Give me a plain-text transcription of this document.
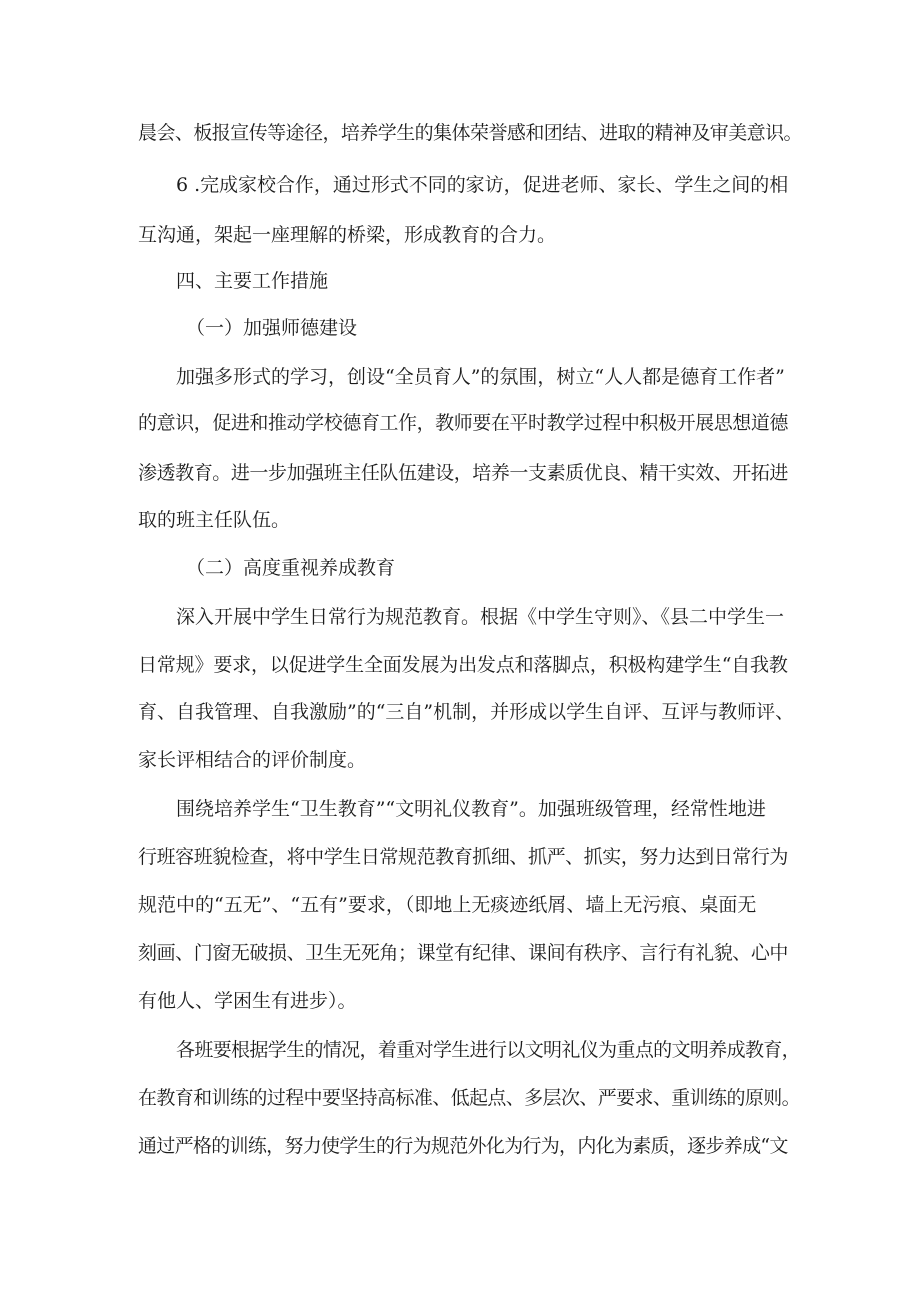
晨会、板报宣传等途径，培养学生的集体荣誉感和团结、进取的精神及审美意识。
6 .完成家校合作，通过形式不同的家访，促进老师、家长、学生之间的相
互沟通，架起一座理解的桥梁，形成教育的合力。
四、主要工作措施
（一）加强师德建设
加强多形式的学习，创设“全员育人”的氛围，树立“人人都是德育工作者”
的意识，促进和推动学校德育工作，教师要在平时教学过程中积极开展思想道德
渗透教育。进一步加强班主任队伍建设，培养一支素质优良、精干实效、开拓进
取的班主任队伍。
（二）高度重视养成教育
深入开展中学生日常行为规范教育。根据《中学生守则》、《县二中学生一
日常规》要求，以促进学生全面发展为出发点和落脚点，积极构建学生“自我教
育、自我管理、自我激励”的“三自”机制，并形成以学生自评、互评与教师评、
家长评相结合的评价制度。
围绕培养学生“卫生教育”“文明礼仪教育”。加强班级管理，经常性地进
行班容班貌检查，将中学生日常规范教育抓细、抓严、抓实，努力达到日常行为
规范中的“五无”、“五有”要求，（即地上无痰迹纸屑、墙上无污痕、桌面无
刻画、门窗无破损、卫生无死角；课堂有纪律、课间有秩序、言行有礼貌、心中
有他人、学困生有进步）。
各班要根据学生的情况，着重对学生进行以文明礼仪为重点的文明养成教育，
在教育和训练的过程中要坚持高标准、低起点、多层次、严要求、重训练的原则。
通过严格的训练，努力使学生的行为规范外化为行为，内化为素质，逐步养成“文
